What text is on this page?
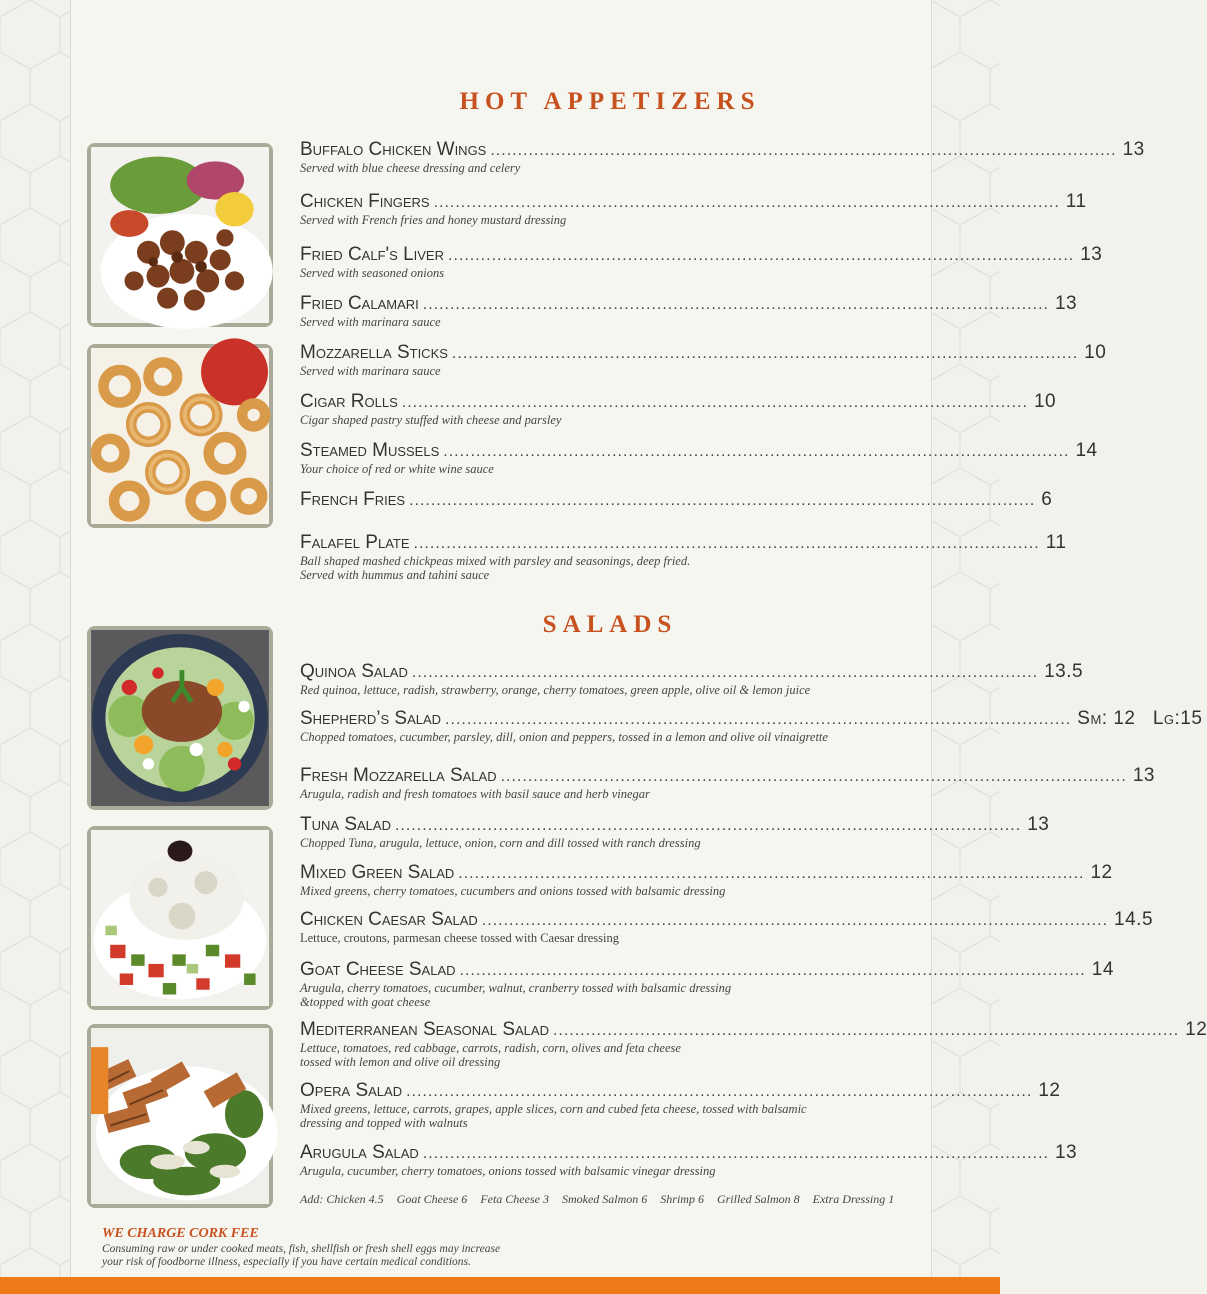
HOT APPETIZERS
Buffalo Chicken Wings ................................................................................................................... 13
Served with blue cheese dressing and celery
Chicken Fingers ................................................................................................................... 11
Served with French fries and honey mustard dressing
Fried Calf's Liver ................................................................................................................... 13
Served with seasoned onions
Fried Calamari ................................................................................................................... 13
Served with marinara sauce
Mozzarella Sticks ................................................................................................................... 10
Served with marinara sauce
Cigar Rolls ................................................................................................................... 10
Cigar shaped pastry stuffed with cheese and parsley
Steamed Mussels ................................................................................................................... 14
Your choice of red or white wine sauce
French Fries ................................................................................................................... 6
Falafel Plate ................................................................................................................... 11
Ball shaped mashed chickpeas mixed with parsley and seasonings, deep fried.
Served with hummus and tahini sauce
SALADS
Quinoa Salad ................................................................................................................... 13.5
Red quinoa, lettuce, radish, strawberry, orange, cherry tomatoes, green apple, olive oil & lemon juice
Shepherd’s Salad ................................................................................................................... Sm: 12 Lg:15
Chopped tomatoes, cucumber, parsley, dill, onion and peppers, tossed in a lemon and olive oil vinaigrette
Fresh Mozzarella Salad ................................................................................................................... 13
Arugula, radish and fresh tomatoes with basil sauce and herb vinegar
Tuna Salad ................................................................................................................... 13
Chopped Tuna, arugula, lettuce, onion, corn and dill tossed with ranch dressing
Mixed Green Salad ................................................................................................................... 12
Mixed greens, cherry tomatoes, cucumbers and onions tossed with balsamic dressing
Chicken Caesar Salad ................................................................................................................... 14.5
Lettuce, croutons, parmesan cheese tossed with Caesar dressing
Goat Cheese Salad ................................................................................................................... 14
Arugula, cherry tomatoes, cucumber, walnut, cranberry tossed with balsamic dressing
&topped with goat cheese
Mediterranean Seasonal Salad ................................................................................................................... 12
Lettuce, tomatoes, red cabbage, carrots, radish, corn, olives and feta cheese
tossed with lemon and olive oil dressing
Opera Salad ................................................................................................................... 12
Mixed greens, lettuce, carrots, grapes, apple slices, corn and cubed feta cheese, tossed with balsamic
dressing and topped with walnuts
Arugula Salad ................................................................................................................... 13
Arugula, cucumber, cherry tomatoes, onions tossed with balsamic vinegar dressing
Add: Chicken 4.5 Goat Cheese 6 Feta Cheese 3 Smoked Salmon 6 Shrimp 6 Grilled Salmon 8 Extra Dressing 1
WE CHARGE CORK FEE
Consuming raw or under cooked meats, fish, shellfish or fresh shell eggs may increase
your risk of foodborne illness, especially if you have certain medical conditions.
